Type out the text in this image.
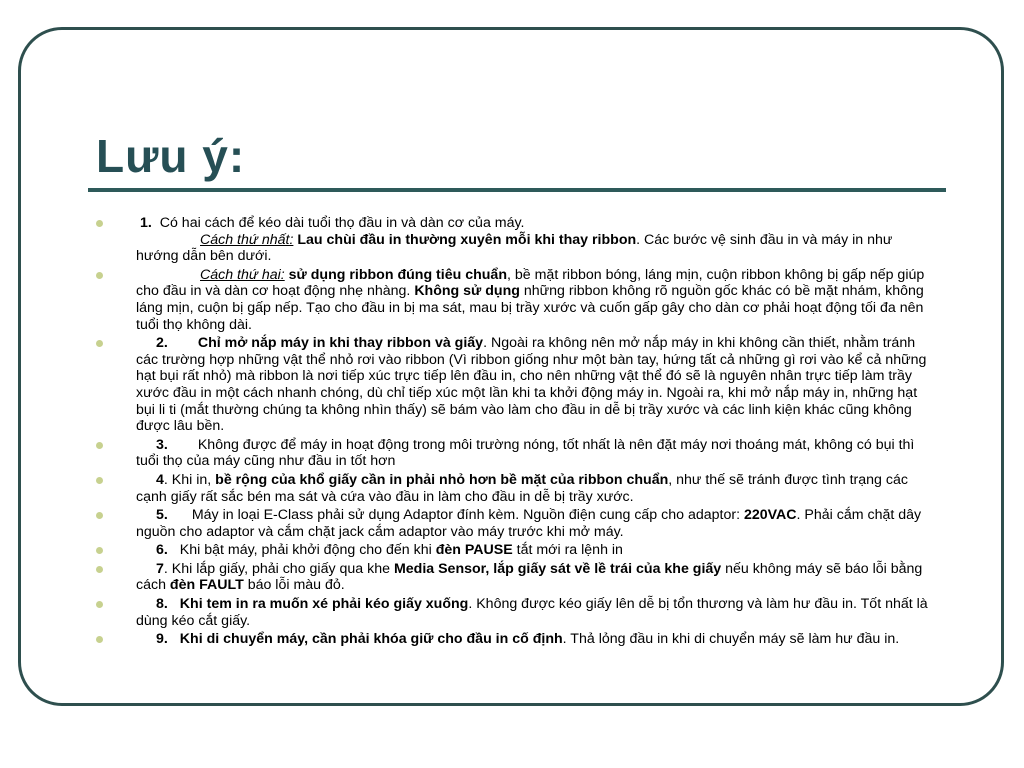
Lưu ý:

1. Có hai cách để kéo dài tuổi thọ đầu in và dàn cơ của máy.
Cách thứ nhất: Lau chùi đầu in thường xuyên mỗi khi thay ribbon. Các bước vệ sinh đầu in và máy in như hướng dẫn bên dưới.

Cách thứ hai: sử dụng ribbon đúng tiêu chuẩn, bề mặt ribbon bóng, láng mịn, cuộn ribbon không bị gấp nếp giúp cho đầu in và dàn cơ hoạt động nhẹ nhàng. Không sử dụng những ribbon không rõ nguồn gốc khác có bề mặt nhám, không láng mịn, cuộn bị gấp nếp. Tạo cho đầu in bị ma sát, mau bị trầy xước và cuốn gấp gây cho dàn cơ phải hoạt động tối đa nên tuổi thọ không dài.

2. Chỉ mở nắp máy in khi thay ribbon và giấy. Ngoài ra không nên mở nắp máy in khi không cần thiết, nhằm tránh các trường hợp những vật thể nhỏ rơi vào ribbon (Vì ribbon giống như một bàn tay, hứng tất cả những gì rơi vào kể cả những hạt bụi rất nhỏ) mà ribbon là nơi tiếp xúc trực tiếp lên đầu in, cho nên những vật thể đó sẽ là nguyên nhân trực tiếp làm trầy xước đầu in một cách nhanh chóng, dù chỉ tiếp xúc một lần khi ta khởi động máy in. Ngoài ra, khi mở nắp máy in, những hạt bụi li ti (mắt thường chúng ta không nhìn thấy) sẽ bám vào làm cho đầu in dễ bị trầy xước và các linh kiện khác cũng không được lâu bền.

3. Không được để máy in hoạt động trong môi trường nóng, tốt nhất là nên đặt máy nơi thoáng mát, không có bụi thì tuổi thọ của máy cũng như đầu in tốt hơn

4. Khi in, bề rộng của khổ giấy cần in phải nhỏ hơn bề mặt của ribbon chuẩn, như thế sẽ tránh được tình trạng các cạnh giấy rất sắc bén ma sát và cứa vào đầu in làm cho đầu in dễ bị trầy xước.

5. Máy in loại E-Class phải sử dụng Adaptor đính kèm. Nguồn điện cung cấp cho adaptor: 220VAC. Phải cắm chặt dây nguồn cho adaptor và cắm chặt jack cắm adaptor vào máy trước khi mở máy.

6. Khi bật máy, phải khởi động cho đến khi đèn PAUSE tắt mới ra lệnh in

7. Khi lắp giấy, phải cho giấy qua khe Media Sensor, lắp giấy sát về lề trái của khe giấy nếu không máy sẽ báo lỗi bằng cách đèn FAULT báo lỗi màu đỏ.

8. Khi tem in ra muốn xé phải kéo giấy xuống. Không được kéo giấy lên dễ bị tổn thương và làm hư đầu in. Tốt nhất là dùng kéo cắt giấy.

9. Khi di chuyển máy, cần phải khóa giữ cho đầu in cố định. Thả lỏng đầu in khi di chuyển máy sẽ làm hư đầu in.
